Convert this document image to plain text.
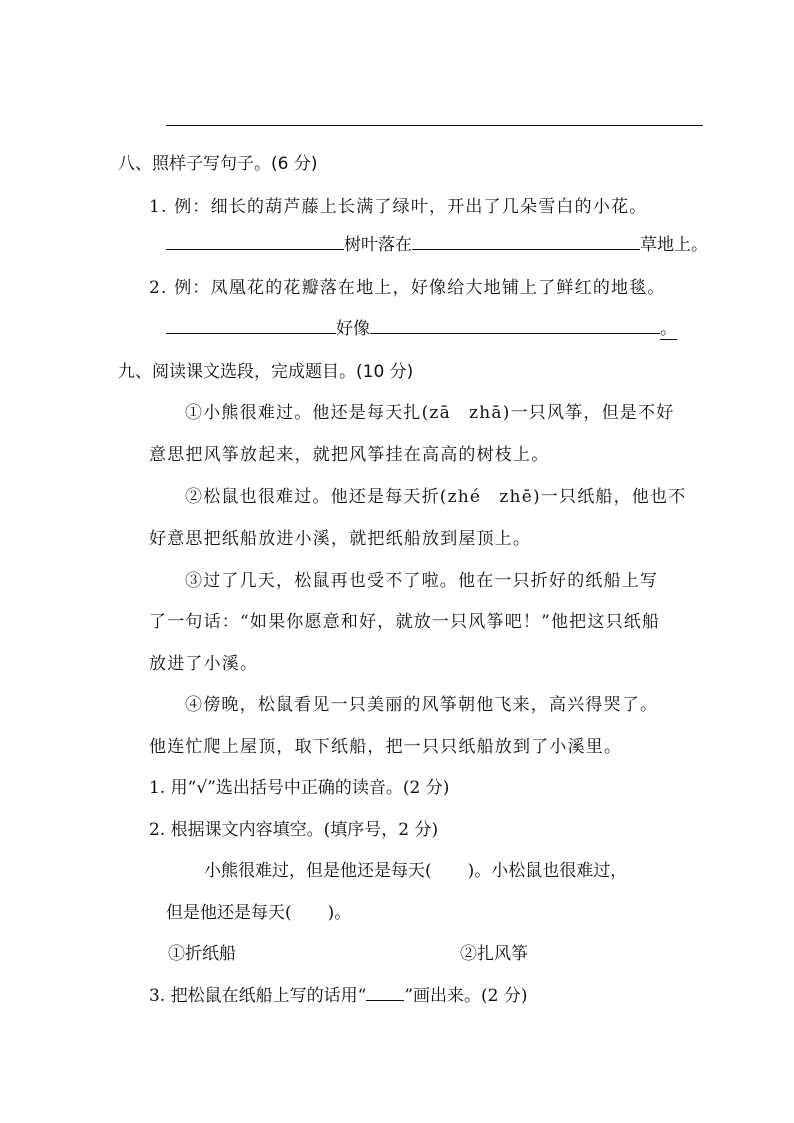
八、照样子写句子。(6 分)
1. 例：细长的葫芦藤上长满了绿叶，开出了几朵雪白的小花。
树叶落在	草地上。
2. 例：凤凰花的花瓣落在地上，好像给大地铺上了鲜红的地毯。
好像	。
九、阅读课文选段，完成题目。(10 分)
①小熊很难过。他还是每天扎(zā　zhā)一只风筝，但是不好
意思把风筝放起来，就把风筝挂在高高的树枝上。
②松鼠也很难过。他还是每天折(zhé　zhē)一只纸船，他也不
好意思把纸船放进小溪，就把纸船放到屋顶上。
③过了几天，松鼠再也受不了啦。他在一只折好的纸船上写
了一句话：“如果你愿意和好，就放一只风筝吧！”他把这只纸船
放进了小溪。
④傍晚，松鼠看见一只美丽的风筝朝他飞来，高兴得哭了。
他连忙爬上屋顶，取下纸船，把一只只纸船放到了小溪里。
1. 用“√”选出括号中正确的读音。(2 分)
2. 根据课文内容填空。(填序号，2 分)
小熊很难过，但是他还是每天( )。小松鼠也很难过，
但是他还是每天( )。
①折纸船	②扎风筝
3. 把松鼠在纸船上写的话用“ ”画出来。(2 分)
